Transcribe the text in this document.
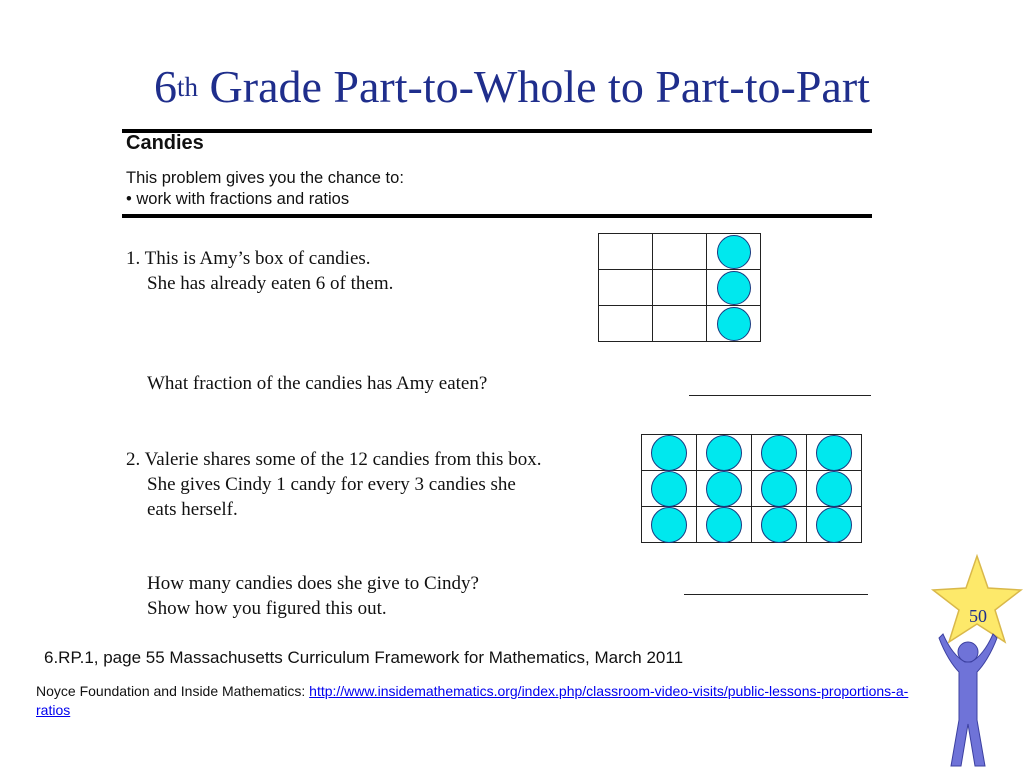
6th Grade Part-to-Whole to Part-to-Part
Candies
This problem gives you the chance to:
• work with fractions and ratios
1. This is Amy’s box of candies.
She has already eaten 6 of them.

What fraction of the candies has Amy eaten?
2. Valerie shares some of the 12 candies from this box.
She gives Cindy 1 candy for every 3 candies she
eats herself.

How many candies does she give to Cindy?
Show how you figured this out.
6.RP.1, page 55 Massachusetts Curriculum Framework for Mathematics, March 2011
Noyce Foundation and Inside Mathematics: http://www.insidemathematics.org/index.php/classroom-video-visits/public-lessons-proportions-a-ratios
50
